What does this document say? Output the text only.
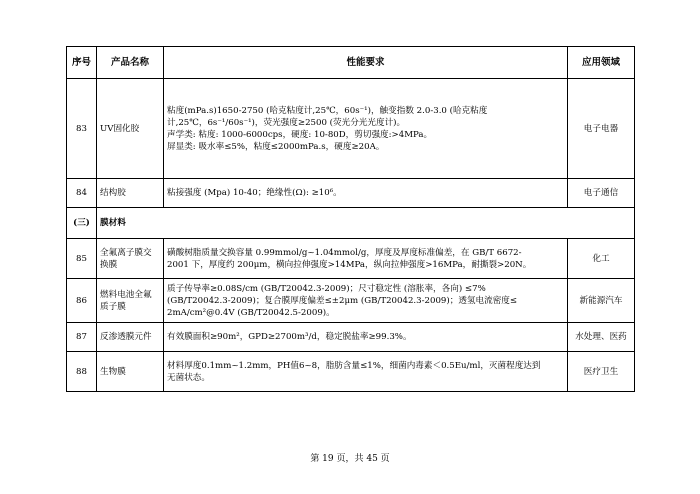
序号	产品名称	性能要求	应用领域
83	UV固化胶	粘度(mPa.s)1650-2750 (哈克粘度计,25℃，60s⁻¹)，触变指数 2.0-3.0 (哈克粘度
计,25℃，6s⁻¹/60s⁻¹)，荧光强度≥2500 (荧光分光光度计)。
声学类: 粘度: 1000-6000cps，硬度: 10-80D，剪切强度:>4MPa。
屏显类: 吸水率≤5%，粘度≤2000mPa.s，硬度≥20A。	电子电器
84	结构胶	粘接强度 (Mpa) 10-40；绝缘性(Ω): ≥10⁶。	电子通信
(三)	膜材料		
85	全氟离子膜交换膜	磺酸树脂质量交换容量 0.99mmol/g~1.04mmol/g，厚度及厚度标准偏差，在 GB/T 6672-
2001 下，厚度约 200μm，横向拉伸强度>14MPa，纵向拉伸强度>16MPa，耐撕裂>20N。	化工
86	燃料电池全氟质子膜	质子传导率≥0.08S/cm (GB/T20042.3-2009)；尺寸稳定性 (溶胀率，各向) ≤7%
(GB/T20042.3-2009)；复合膜厚度偏差≤±2μm (GB/T20042.3-2009)；透氢电流密度≤
2mA/cm²@0.4V (GB/T20042.5-2009)。	新能源汽车
87	反渗透膜元件	有效膜面积≥90m²，GPD≥2700m³/d，稳定脱盐率≥99.3%。	水处理、医药
88	生物膜	材料厚度0.1mm~1.2mm，PH值6~8，脂肪含量≤1%，细菌内毒素＜0.5Eu/ml，灭菌程度达到
无菌状态。	医疗卫生
第 19 页，共 45 页
